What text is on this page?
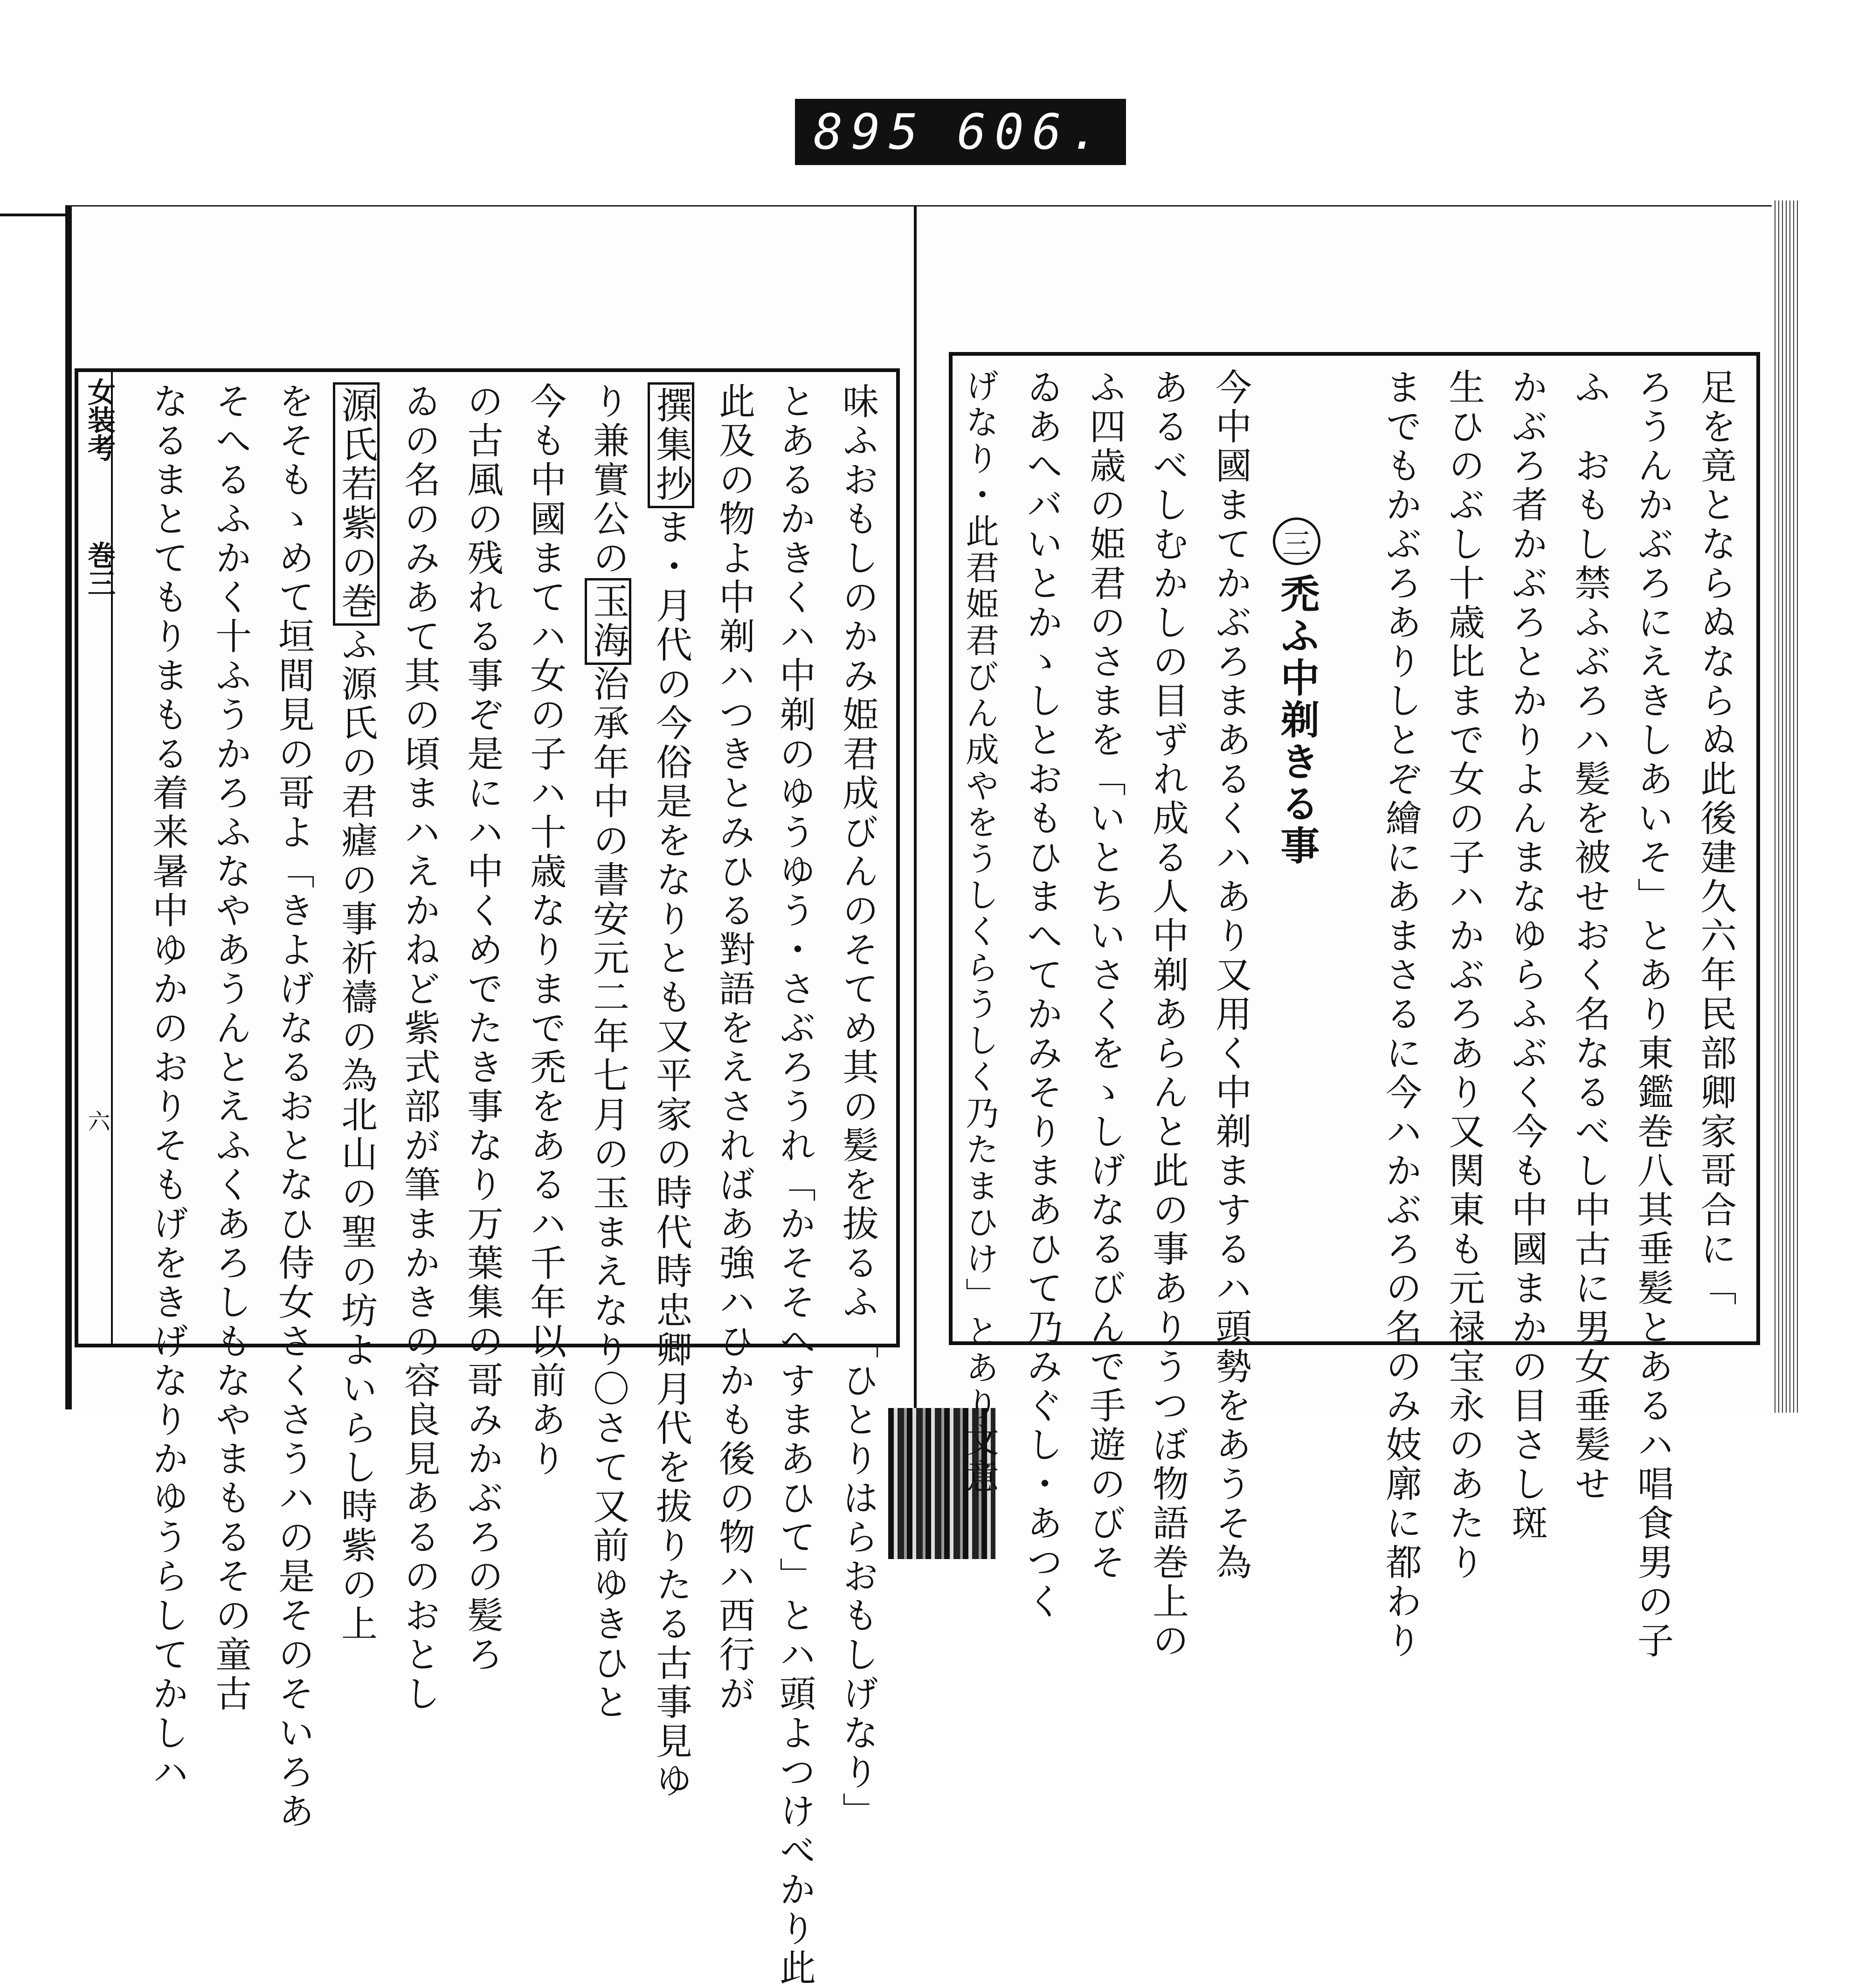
895 606.
女装考
巻三
六	味ふおもしのかみ姫君成びんのそてめ其の髪を拔るふ「ひとりはらおもしげなり」
とあるかきくハ中剃のゆうゆう・さぶろうれ「かそそへすまあひて」とハ頭よつけべかり此
此及の物よ中剃ハつきとみひる對語をえさればあ強ハひかも後の物ハ西行が
撰集抄ま・月代の今俗是をなりとも又平家の時代時忠卿月代を拔りたる古事見ゆ
り兼實公の玉海治承年中の書安元二年七月の玉まえなり〇さて又前ゆきひと
今も中國まてハ女の子ハ十歳なりまで禿をあるハ千年以前あり
の古風の残れる事ぞ是にハ中くめでたき事なり万葉集の哥みかぶろの髪ろ
ゐの名のみあて其の頃まハえかねど紫式部が筆まかきの容良見あるのおとし
源氏若紫の巻ふ源氏の君瘧の事祈禱の為北山の聖の坊よいらし時紫の上
をそもゝめて垣間見の哥よ「きよげなるおとなひ侍女さくさうハの是そのそいろあ
そへるふかく十ふうかろふなやあうんとえふくあろしもなやまもるその童古
なるまとてもりまもる着来暑中ゆかのおりそもげをきげなりかゆうらしてかしハ	足を竟とならぬならぬ此後建久六年民部卿家哥合に「
ろうんかぶろにえきしあいそ」とあり東鑑巻八其垂髪とあるハ唱食男の子
ふ　おもし禁ふぶろハ髪を被せおく名なるべし中古に男女垂髪せ
かぶろ者かぶろとかりよんまなゆらふぶく今も中國まかの目さし斑
生ひのぶし十歳比まで女の子ハかぶろあり又関東も元禄宝永のあたり
までもかぶろありしとぞ繪にあまさるに今ハかぶろの名のみ妓廓に都わり
三
禿ふ中剃きる事
今中國まてかぶろまあるくハあり又用く中剃まするハ頭勢をあうそ為
あるべしむかしの目ずれ成る人中剃あらんと此の事ありうつぼ物語巻上の
ふ四歳の姫君のさまを「いとちいさくをゝしげなるびんで手遊のびそ
ゐあへバいとかゝしとおもひまへてかみそりまあひて乃みぐし・あつく
げなり・此君姫君びん成やをうしくらうしく乃たまひけ」とあり文意
